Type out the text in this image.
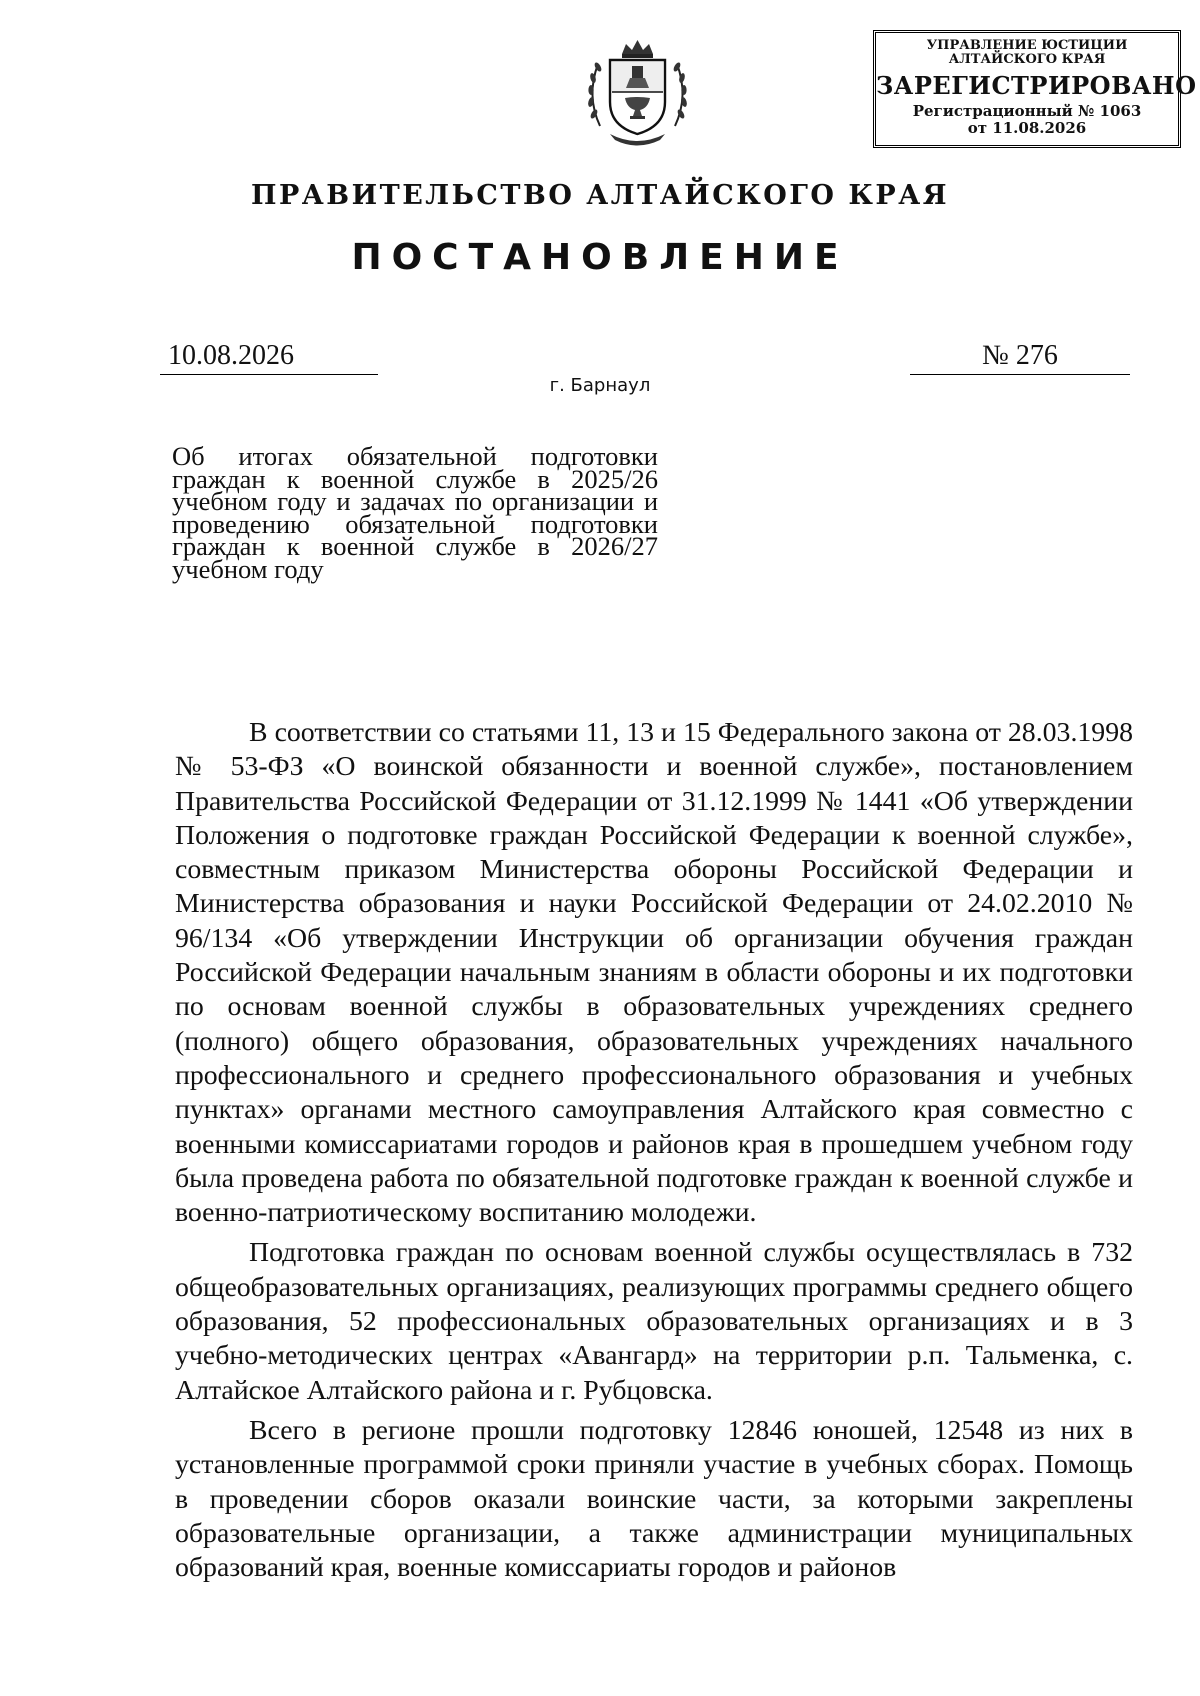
УПРАВЛЕНИЕ ЮСТИЦИИ
АЛТАЙСКОГО КРАЯ
ЗАРЕГИСТРИРОВАНО
Регистрационный № 1063
от 11.08.2026
ПРАВИТЕЛЬСТВО АЛТАЙСКОГО КРАЯ
ПОСТАНОВЛЕНИЕ
10.08.2026	№ 276
г. Барнаул
Об итогах обязательной подготовки граждан к военной службе в 2025/26 учебном году и задачах по организации и проведению обязательной подготовки граждан к военной службе в 2026/27 учебном году

В соответствии со статьями 11, 13 и 15 Федерального закона от 28.03.1998 № 53-ФЗ «О воинской обязанности и военной службе», постановлением Правительства Российской Федерации от 31.12.1999 № 1441 «Об утверждении Положения о подготовке граждан Российской Федерации к военной службе», совместным приказом Министерства обороны Российской Федерации и Министерства образования и науки Российской Федерации от 24.02.2010 № 96/134 «Об утверждении Инструкции об организации обучения граждан Российской Федерации начальным знаниям в области обороны и их подготовки по основам военной службы в образовательных учреждениях среднего (полного) общего образования, образовательных учреждениях начального профессионального и среднего профессионального образования и учебных пунктах» органами местного самоуправления Алтайского края совместно с военными комиссариатами городов и районов края в прошедшем учебном году была проведена работа по обязательной подготовке граждан к военной службе и военно-патриотическому воспитанию молодежи.

Подготовка граждан по основам военной службы осуществлялась в 732 общеобразовательных организациях, реализующих программы среднего общего образования, 52 профессиональных образовательных организациях и в 3 учебно-методических центрах «Авангард» на территории р.п. Тальменка, с. Алтайское Алтайского района и г. Рубцовска.

Всего в регионе прошли подготовку 12846 юношей, 12548 из них в установленные программой сроки приняли участие в учебных сборах. Помощь в проведении сборов оказали воинские части, за которыми закреплены образовательные организации, а также администрации муниципальных образований края, военные комиссариаты городов и районов
